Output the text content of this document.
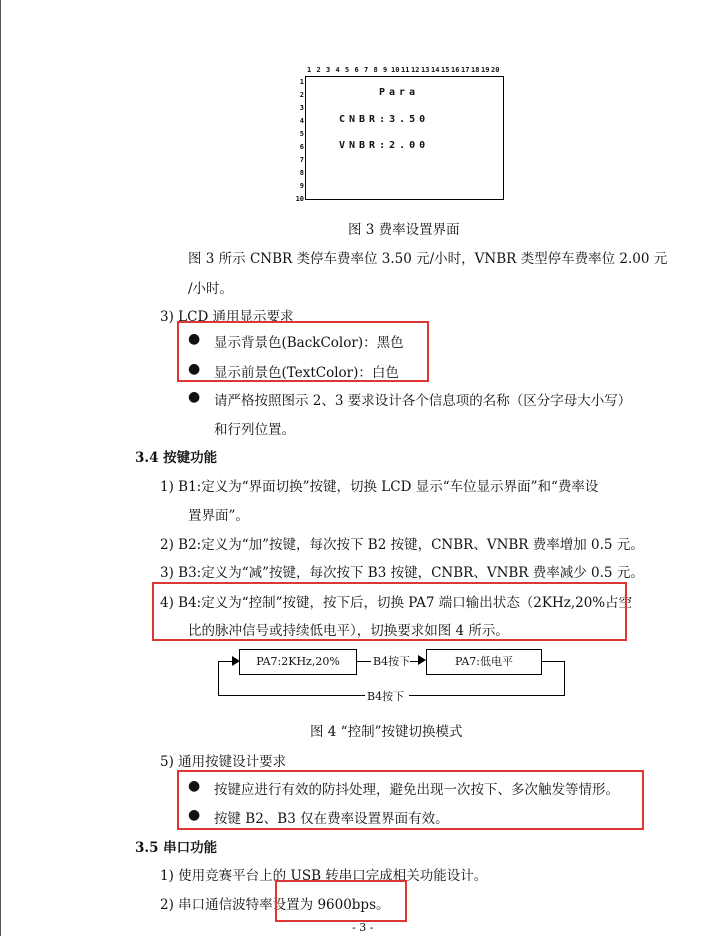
1 2 3 4 5 6 7 8 9 10 11 12 13 14 15 16 17 18 19 20
1
2
3
4
5
6
7
8
9
10
Para
CNBR:3.50
VNBR:2.00
图 3 费率设置界面
图 3 所示 CNBR 类停车费率位 3.50 元/小时，VNBR 类型停车费率位 2.00 元
/小时。
3) LCD 通用显示要求
● 显示背景色(BackColor)：黑色
● 显示前景色(TextColor)：白色
● 请严格按照图示 2、3 要求设计各个信息项的名称（区分字母大小写）
和行列位置。
3.4 按键功能
1) B1:定义为“界面切换”按键，切换 LCD 显示“车位显示界面”和“费率设
置界面”。
2) B2:定义为“加”按键，每次按下 B2 按键，CNBR、VNBR 费率增加 0.5 元。
3) B3:定义为“减”按键，每次按下 B3 按键，CNBR、VNBR 费率减少 0.5 元。
4) B4:定义为“控制”按键，按下后，切换 PA7 端口输出状态（2KHz,20%占空
比的脉冲信号或持续低电平），切换要求如图 4 所示。
PA7:2KHz,20%	PA7:低电平
B4按下
B4按下
图 4 “控制”按键切换模式
5) 通用按键设计要求
● 按键应进行有效的防抖处理，避免出现一次按下、多次触发等情形。
● 按键 B2、B3 仅在费率设置界面有效。
3.5 串口功能
1) 使用竞赛平台上的 USB 转串口完成相关功能设计。
2) 串口通信波特率设置为 9600bps。
- 3 -
